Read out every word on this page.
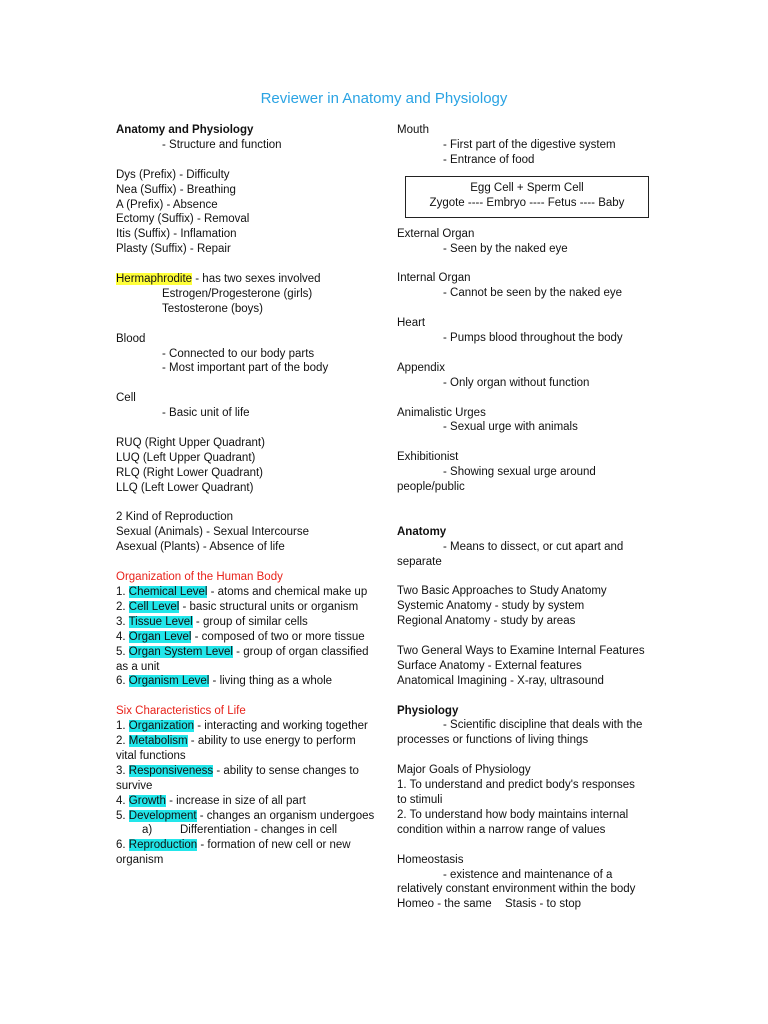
Reviewer in Anatomy and Physiology

Anatomy and Physiology

- Structure and function

Dys (Prefix) - Difficulty

Nea (Suffix) - Breathing

A (Prefix) - Absence

Ectomy (Suffix) - Removal

Itis (Suffix) - Inflamation

Plasty (Suffix) - Repair

Hermaphrodite - has two sexes involved

Estrogen/Progesterone (girls)

Testosterone (boys)

Blood

- Connected to our body parts

- Most important part of the body

Cell

- Basic unit of life

RUQ (Right Upper Quadrant)

LUQ (Left Upper Quadrant)

RLQ (Right Lower Quadrant)

LLQ (Left Lower Quadrant)

2 Kind of Reproduction

Sexual (Animals) - Sexual Intercourse

Asexual (Plants) - Absence of life

Organization of the Human Body

1. Chemical Level - atoms and chemical make up

2. Cell Level - basic structural units or organism

3. Tissue Level - group of similar cells

4. Organ Level - composed of two or more tissue

5. Organ System Level - group of organ classified as a unit

6. Organism Level - living thing as a whole

Six Characteristics of Life

1. Organization - interacting and working together

2. Metabolism - ability to use energy to perform vital functions

3. Responsiveness - ability to sense changes to survive

4. Growth - increase in size of all part

5. Development - changes an organism undergoes

a) Differentiation - changes in cell

6. Reproduction - formation of new cell or new organism

Mouth

- First part of the digestive system

- Entrance of food

Egg Cell + Sperm Cell
Zygote ---- Embryo ---- Fetus ---- Baby

External Organ

- Seen by the naked eye

Internal Organ

- Cannot be seen by the naked eye

Heart

- Pumps blood throughout the body

Appendix

- Only organ without function

Animalistic Urges

- Sexual urge with animals

Exhibitionist

- Showing sexual urge around

people/public

Anatomy

- Means to dissect, or cut apart and

separate

Two Basic Approaches to Study Anatomy

Systemic Anatomy - study by system

Regional Anatomy - study by areas

Two General Ways to Examine Internal Features

Surface Anatomy - External features

Anatomical Imagining - X-ray, ultrasound

Physiology

- Scientific discipline that deals with the

processes or functions of living things

Major Goals of Physiology

1. To understand and predict body's responses

to stimuli

2. To understand how body maintains internal

condition within a narrow range of values

Homeostasis

- existence and maintenance of a

relatively constant environment within the body

Homeo - the same Stasis - to stop
